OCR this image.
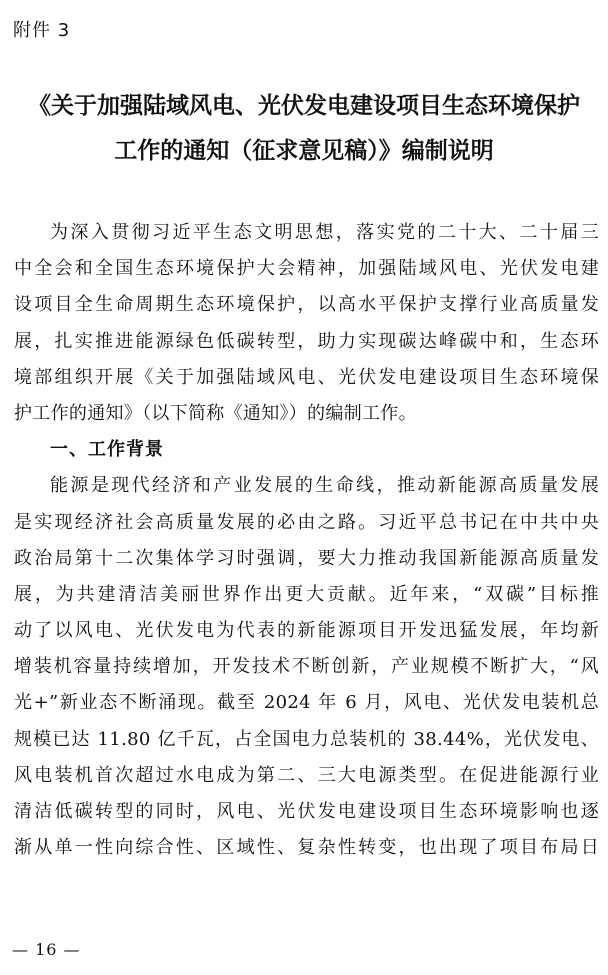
附件 3
《关于加强陆域风电、光伏发电建设项目生态环境保护
工作的通知（征求意见稿）》编制说明
为深入贯彻习近平生态文明思想，落实党的二十大、二十届三
中全会和全国生态环境保护大会精神，加强陆域风电、光伏发电建
设项目全生命周期生态环境保护，以高水平保护支撑行业高质量发
展，扎实推进能源绿色低碳转型，助力实现碳达峰碳中和，生态环
境部组织开展《关于加强陆域风电、光伏发电建设项目生态环境保
护工作的通知》（以下简称《通知》）的编制工作。
一、工作背景
能源是现代经济和产业发展的生命线，推动新能源高质量发展
是实现经济社会高质量发展的必由之路。习近平总书记在中共中央
政治局第十二次集体学习时强调，要大力推动我国新能源高质量发
展，为共建清洁美丽世界作出更大贡献。近年来，“双碳”目标推
动了以风电、光伏发电为代表的新能源项目开发迅猛发展，年均新
增装机容量持续增加，开发技术不断创新，产业规模不断扩大，“风
光+”新业态不断涌现。截至 2024 年 6 月，风电、光伏发电装机总
规模已达 11.80 亿千瓦，占全国电力总装机的 38.44%，光伏发电、
风电装机首次超过水电成为第二、三大电源类型。在促进能源行业
清洁低碳转型的同时，风电、光伏发电建设项目生态环境影响也逐
渐从单一性向综合性、区域性、复杂性转变，也出现了项目布局日
— 16 —
